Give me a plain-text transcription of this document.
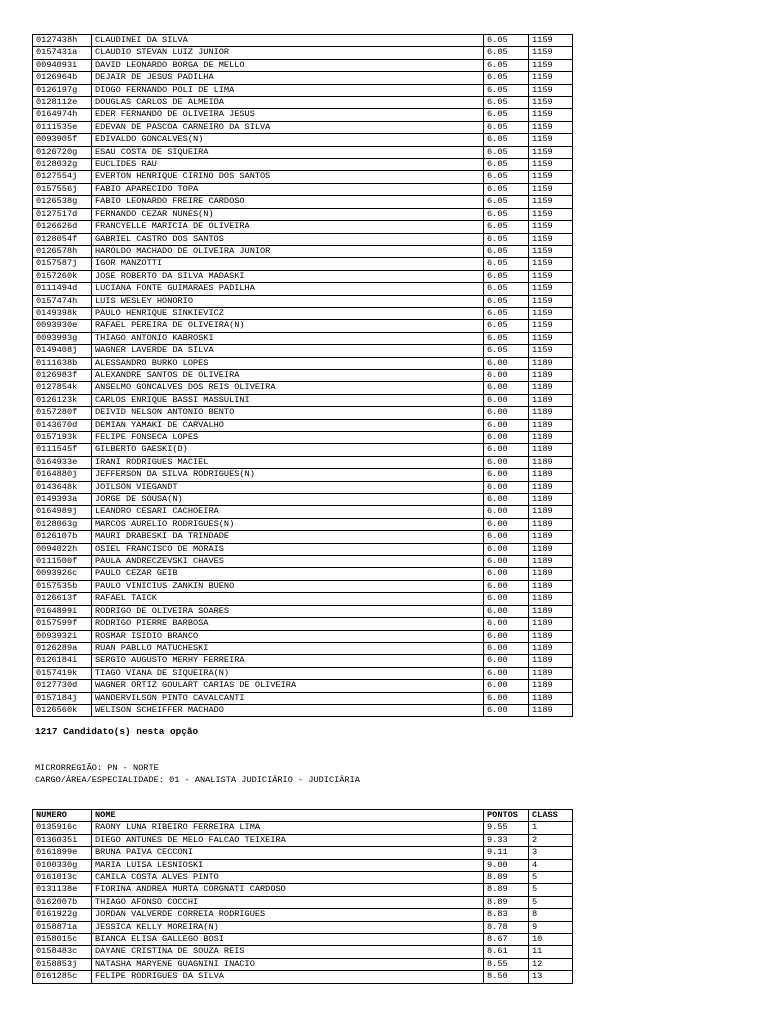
0127438h	CLAUDINEI DA SILVA	6.05	1159
0157431a	CLAUDIO STEVAN LUIZ JUNIOR	6.05	1159
0094093i	DAVID LEONARDO BORGA DE MELLO	6.05	1159
0126964b	DEJAIR DE JESUS PADILHA	6.05	1159
0126197g	DIOGO FERNANDO POLI DE LIMA	6.05	1159
0128112e	DOUGLAS CARLOS DE ALMEIDA	6.05	1159
0164974h	EDER FERNANDO DE OLIVEIRA JESUS	6.05	1159
0111535e	EDEVAN DE PASCOA CARNEIRO DA SILVA	6.05	1159
0093905f	EDIVALDO GONCALVES(N)	6.05	1159
0126720g	ESAU COSTA DE SIQUEIRA	6.05	1159
0128032g	EUCLIDES RAU	6.05	1159
0127554j	EVERTON HENRIQUE CIRINO DOS SANTOS	6.05	1159
0157556j	FABIO APARECIDO TOPA	6.05	1159
0126538g	FABIO LEONARDO FREIRE CARDOSO	6.05	1159
0127517d	FERNANDO CEZAR NUNES(N)	6.05	1159
0126626d	FRANCYELLE MARICIA DE OLIVEIRA	6.05	1159
0128054f	GABRIEL CASTRO DOS SANTOS	6.05	1159
0126578h	HAROLDO MACHADO DE OLIVEIRA JUNIOR	6.05	1159
0157587j	IGOR MANZOTTI	6.05	1159
0157260k	JOSE ROBERTO DA SILVA MADASKI	6.05	1159
0111494d	LUCIANA FONTE GUIMARAES PADILHA	6.05	1159
0157474h	LUIS WESLEY HONORIO	6.05	1159
0149398k	PAULO HENRIQUE SINKIEVICZ	6.05	1159
0093930e	RAFAEL PEREIRA DE OLIVEIRA(N)	6.05	1159
0093993g	THIAGO ANTONIO KABROSKI	6.05	1159
0149408j	WAGNER LAVERDE DA SILVA	6.05	1159
0111638b	ALESSANDRO BURKO LOPES	6.00	1189
0126983f	ALEXANDRE SANTOS DE OLIVEIRA	6.00	1189
0127854k	ANSELMO GONCALVES DOS REIS OLIVEIRA	6.00	1189
0126123k	CARLOS ENRIQUE BASSI MASSULINI	6.00	1189
0157280f	DEIVID NELSON ANTONIO BENTO	6.00	1189
0143670d	DEMIAN YAMAKI DE CARVALHO	6.00	1189
0157193k	FELIPE FONSECA LOPES	6.00	1189
0111545f	GILBERTO GAESKI(D)	6.00	1189
0164933e	IRANI RODRIGUES MACIEL	6.00	1189
0164880j	JEFFERSON DA SILVA RODRIGUES(N)	6.00	1189
0143648k	JOILSON VIEGANDT	6.00	1189
0149393a	JORGE DE SOUSA(N)	6.00	1189
0164989j	LEANDRO CESARI CACHOEIRA	6.00	1189
0128063g	MARCOS AURELIO RODRIGUES(N)	6.00	1189
0126107b	MAURI DRABESKI DA TRINDADE	6.00	1189
0094022h	OSIEL FRANCISCO DE MORAIS	6.00	1189
0111500f	PAULA ANDRECZEVSKI CHAVES	6.00	1189
0093926c	PAULO CEZAR GEIB	6.00	1189
0157535b	PAULO VINICIUS ZANKIN BUENO	6.00	1189
0126613f	RAFAEL TAICK	6.00	1189
0164899i	RODRIGO DE OLIVEIRA SOARES	6.00	1189
0157599f	RODRIGO PIERRE BARBOSA	6.00	1189
0093932i	ROSMAR ISIDIO BRANCO	6.00	1189
0126289a	RUAN PABLLO MATUCHESKI	6.00	1189
0126184i	SERGIO AUGUSTO MERHY FERREIRA	6.00	1189
0157419k	TIAGO VIANA DE SIQUEIRA(N)	6.00	1189
0127730d	WAGNER ORTIZ GOULART CARIAS DE OLIVEIRA	6.00	1189
0157184j	WANDERVILSON PINTO CAVALCANTI	6.00	1189
0126560k	WELISON SCHEIFFER MACHADO	6.00	1189
1217 Candidato(s) nesta opção
MICRORREGIÃO: PN - NORTE
CARGO/ÁREA/ESPECIALIDADE: 01 - ANALISTA JUDICIÁRIO - JUDICIÁRIA
NUMERO	NOME	PONTOS	CLASS
0135916c	RAONY LUNA RIBEIRO FERREIRA LIMA	9.55	1
0136035i	DIEGO ANTUNES DE MELO FALCAO TEIXEIRA	9.33	2
0161899e	BRUNA PAIVA CECCONI	9.11	3
0100330g	MARIA LUISA LESNIOSKI	9.00	4
0161013c	CAMILA COSTA ALVES PINTO	8.89	5
0131138e	FIORINA ANDREA MURTA CORGNATI CARDOSO	8.89	5
0162007b	THIAGO AFONSO COCCHI	8.89	5
0161922g	JORDAN VALVERDE CORREIA RODRIGUES	8.83	8
0158871a	JESSICA KELLY MOREIRA(N)	8.78	9
0158015c	BIANCA ELISA GALLEGO BOSI	8.67	10
0158483c	DAYANE CRISTINA DE SOUZA REIS	8.61	11
0158853j	NATASHA MARYENE GUAGNINI INACIO	8.55	12
0161285c	FELIPE RODRIGUES DA SILVA	8.50	13
